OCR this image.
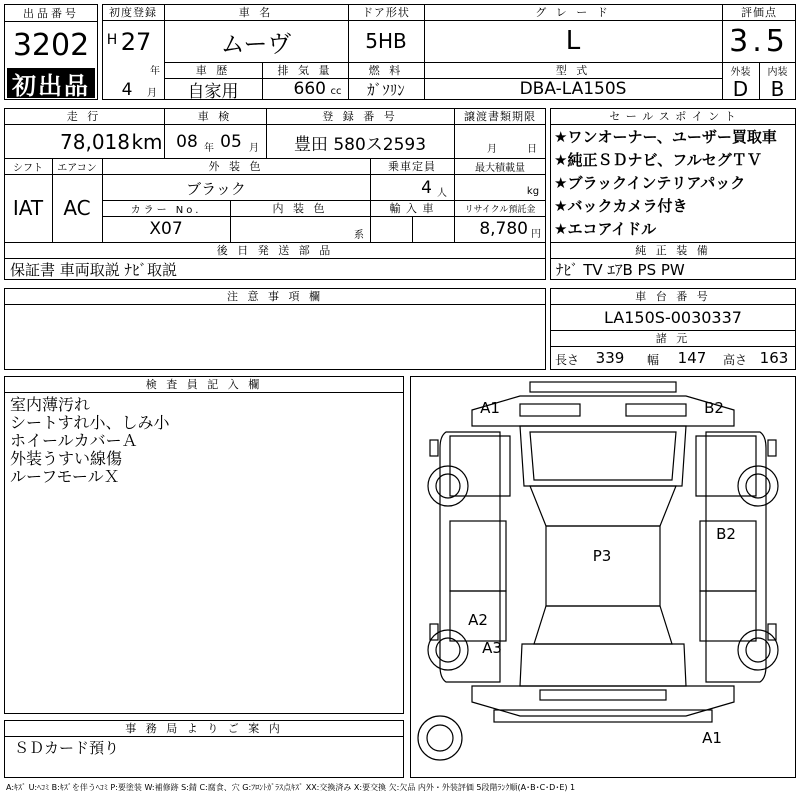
出品番号
3202
初出品
初度登録
H 27
年
4	月
車 名
ムーヴ
ドア形状
5HB
グ レ ー ド
L
評価点
3.5
外装	内装
D	B
車 歴
自家用
排 気 量
660 cc
燃 料
ｶﾞｿﾘﾝ
型 式
DBA-LA150S
走 行
78,018 km
車 検
08 年 05 月
登 録 番 号
豊田 580ス2593
譲渡書類期限
月	日
シフト
IAT
エアコン
AC
外 装 色
ブラック
乗車定員
4 人
最大積載量
kg
カラー No.
X07
内 装 色
系
輸 入 車	リサイクル預託金
8,780 円
後 日 発 送 部 品
保証書 車両取説 ﾅﾋﾞ取説
セ ー ル ス ポ イ ン ト
★ワンオーナー、ユーザー買取車
★純正ＳＤナビ、フルセグＴＶ
★ブラックインテリアパック
★バックカメラ付き
★エコアイドル
純 正 装 備
ﾅﾋﾞ TV ｴｱB PS PW
注 意 事 項 欄	車 台 番 号
LA150S-0030337
諸 元
長さ	339	幅	147	高さ 163
検 査 員 記 入 欄
室内薄汚れ
シートすれ小、しみ小
ホイールカバーＡ
外装うすい線傷
ルーフモールＸ
事 務 局 よ り ご 案 内
ＳＤカード預り
A1	B2
P3
B2
A2
A3
A1
A:ｷｽﾞ U:ﾍｺﾐ B:ｷｽﾞを伴うﾍｺﾐ P:要塗装 W:補修跡 S:錆 C:腐食、穴 G:ﾌﾛﾝﾄｶﾞﾗｽ点ｷｽﾞ XX:交換済み X:要交換 欠:欠品 内外・外装評価 5段階ﾗﾝｸ順(A･B･C･D･E) 1
